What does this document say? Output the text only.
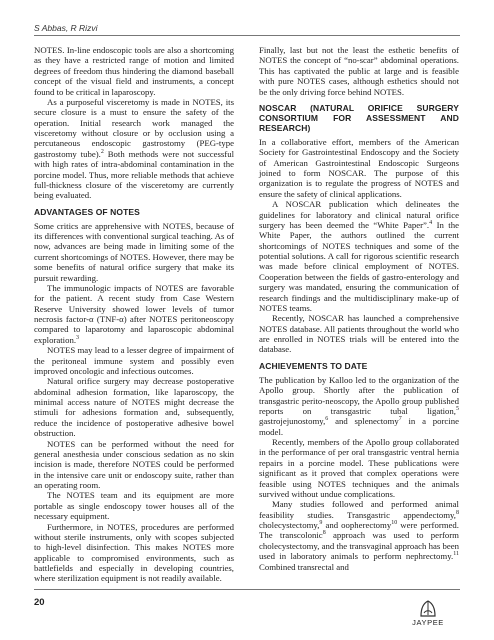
S Abbas, R Rizvi

NOTES. In-line endoscopic tools are also a shortcoming as they have a restricted range of motion and limited degrees of freedom thus hindering the diamond baseball concept of the visual field and instruments, a concept found to be critical in laparoscopy.

As a purposeful visceretomy is made in NOTES, its secure closure is a must to ensure the safety of the operation. Initial research work managed the visceretomy without closure or by occlusion using a percutaneous endoscopic gastrostomy (PEG-type gastrostomy tube).$^2$ Both methods were not successful with high rates of intra-abdominal contamination in the porcine model. Thus, more reliable methods that achieve full-thickness closure of the visceretomy are currently being evaluated.

ADVANTAGES OF NOTES

Some critics are apprehensive with NOTES, because of its differences with conventional surgical teaching. As of now, advances are being made in limiting some of the current shortcomings of NOTES. However, there may be some benefits of natural orifice surgery that make its pursuit rewarding.

The immunologic impacts of NOTES are favorable for the patient. A recent study from Case Western Reserve University showed lower levels of tumor necrosis factor-α (TNF-α) after NOTES peritoneoscopy compared to laparotomy and laparoscopic abdominal exploration.$^3$

NOTES may lead to a lesser degree of impairment of the peritoneal immune system and possibly even improved oncologic and infectious outcomes.

Natural orifice surgery may decrease postoperative abdominal adhesion formation, like laparoscopy, the minimal access nature of NOTES might decrease the stimuli for adhesions formation and, subsequently, reduce the incidence of postoperative adhesive bowel obstruction.

NOTES can be performed without the need for general anesthesia under conscious sedation as no skin incision is made, therefore NOTES could be performed in the intensive care unit or endoscopy suite, rather than an operating room.

The NOTES team and its equipment are more portable as single endoscopy tower houses all of the necessary equipment.

Furthermore, in NOTES, procedures are performed without sterile instruments, only with scopes subjected to high-level disinfection. This makes NOTES more applicable to compromised environments, such as battlefields and especially in developing countries, where sterilization equipment is not readily available.

Finally, last but not the least the esthetic benefits of NOTES the concept of “no-scar” abdominal operations. This has captivated the public at large and is feasible with pure NOTES cases, although esthetics should not be the only driving force behind NOTES.

NOSCAR (NATURAL ORIFICE SURGERY CONSORTIUM FOR ASSESSMENT AND RESEARCH)

In a collaborative effort, members of the American Society for Gastrointestinal Endoscopy and the Society of American Gastrointestinal Endoscopic Surgeons joined to form NOSCAR. The purpose of this organization is to regulate the progress of NOTES and ensure the safety of clinical applications.

A NOSCAR publication which delineates the guidelines for laboratory and clinical natural orifice surgery has been deemed the “White Paper”.$^4$ In the White Paper, the authors outlined the current shortcomings of NOTES techniques and some of the potential solutions. A call for rigorous scientific research was made before clinical employment of NOTES. Cooperation between the fields of gastro-enterology and surgery was mandated, ensuring the communication of research findings and the multidisciplinary make-up of NOTES teams.

Recently, NOSCAR has launched a comprehensive NOTES database. All patients throughout the world who are enrolled in NOTES trials will be entered into the database.

ACHIEVEMENTS TO DATE

The publication by Kalloo led to the organization of the Apollo group. Shortly after the publication of transgastric perito-neoscopy, the Apollo group published reports on transgastric tubal ligation,$^5$ gastrojejunostomy,$^6$ and splenectomy$^7$ in a porcine model.

Recently, members of the Apollo group collaborated in the performance of per oral transgastric ventral hernia repairs in a porcine model. These publications were significant as it proved that complex operations were feasible using NOTES techniques and the animals survived without undue complications.

Many studies followed and performed animal feasibility studies. Transgastric appendectomy,$^8$ cholecystectomy,$^9$ and oopherectomy$^{10}$ were performed. The transcolonic$^8$ approach was used to perform cholecystectomy, and the transvaginal approach has been used in laboratory animals to perform nephrectomy.$^{11}$ Combined transrectal and

20
JAYPEE
